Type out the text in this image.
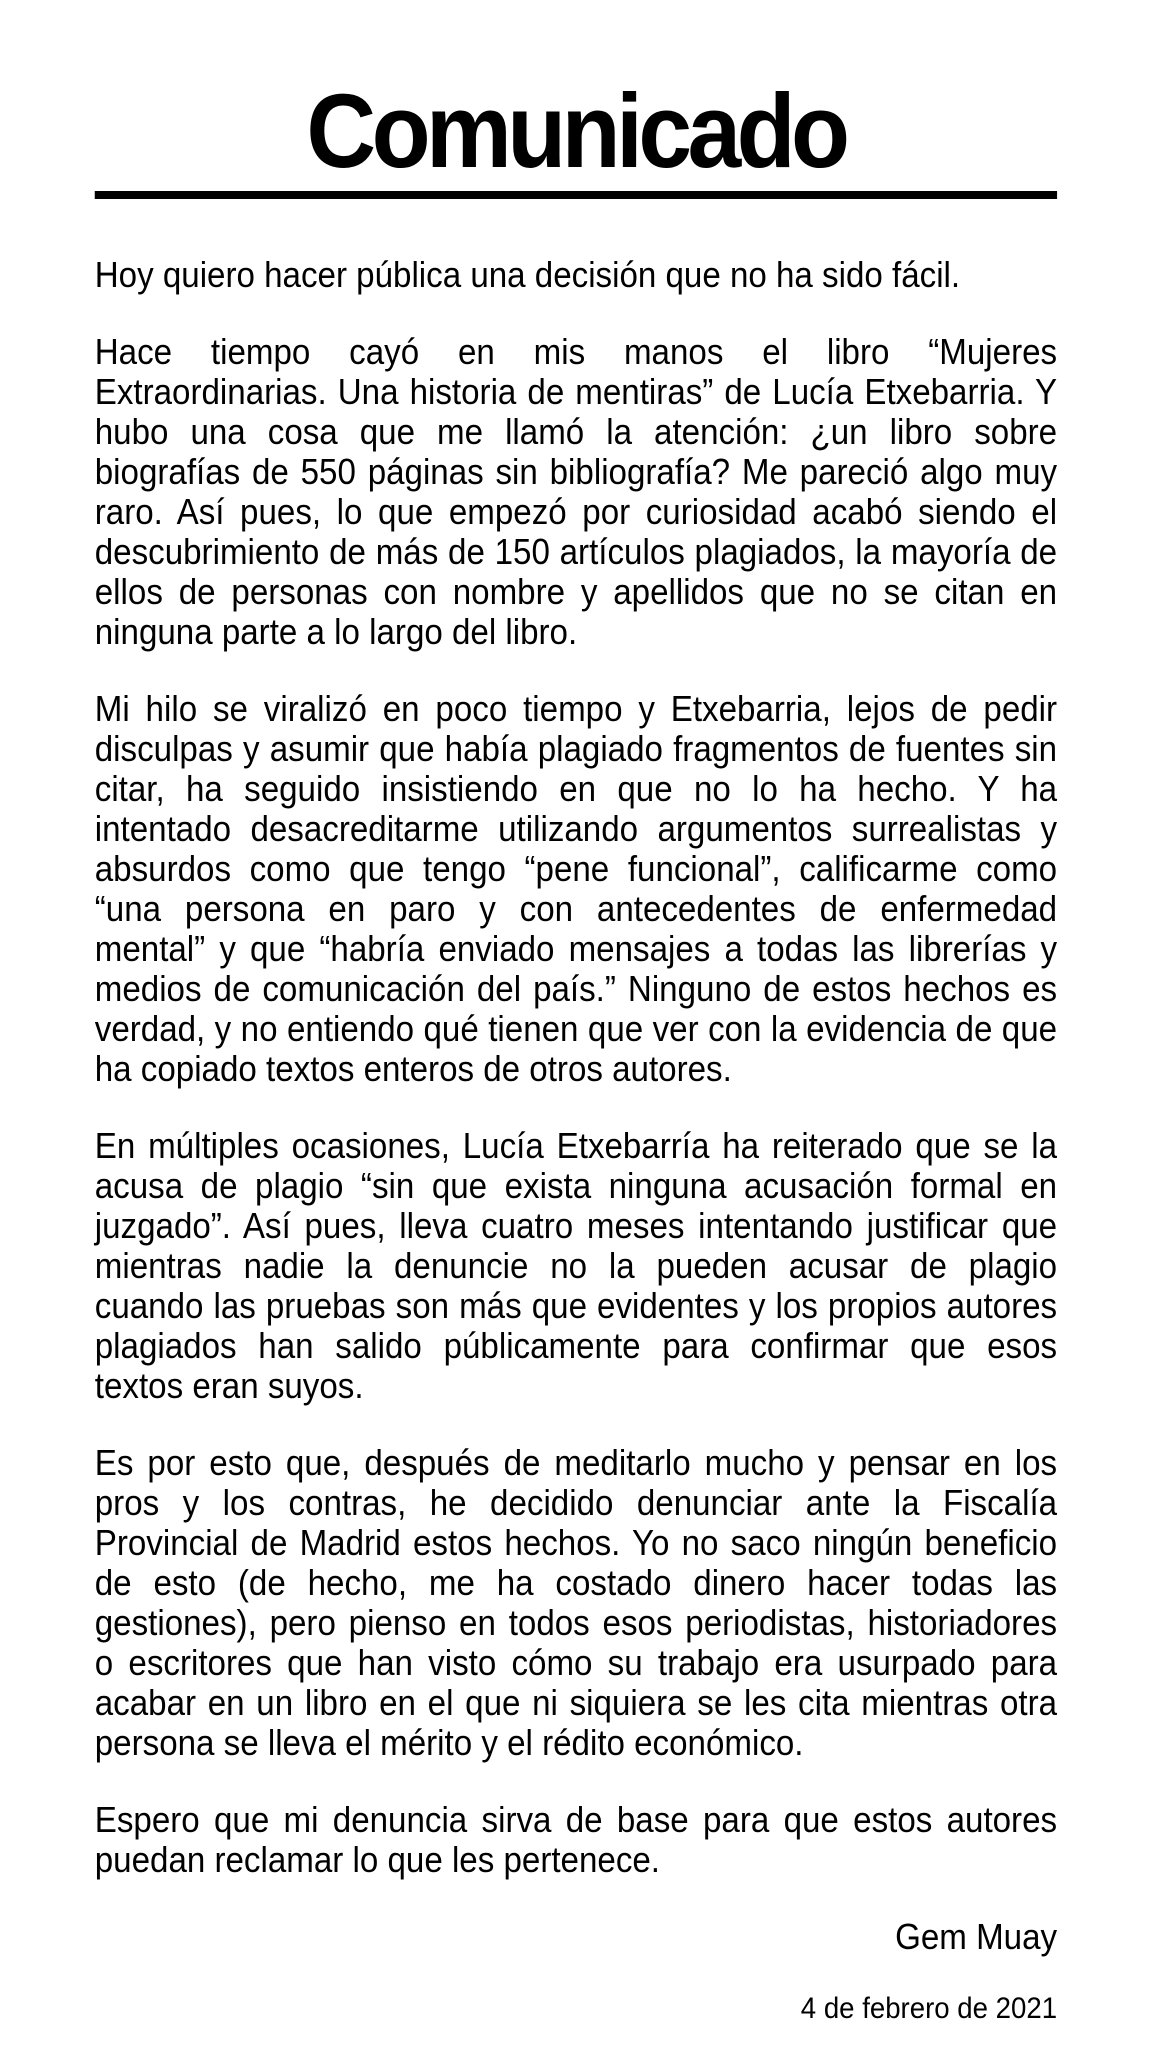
Comunicado

Hoy quiero hacer pública una decisión que no ha sido fácil.

Hace tiempo cayó en mis manos el libro “Mujeres Extraordinarias. Una historia de mentiras” de Lucía Etxebarria. Y hubo una cosa que me llamó la atención: ¿un libro sobre biografías de 550 páginas sin bibliografía? Me pareció algo muy raro. Así pues, lo que empezó por curiosidad acabó siendo el descubrimiento de más de 150 artículos plagiados, la mayoría de ellos de personas con nombre y apellidos que no se citan en ninguna parte a lo largo del libro.

Mi hilo se viralizó en poco tiempo y Etxebarria, lejos de pedir disculpas y asumir que había plagiado fragmentos de fuentes sin citar, ha seguido insistiendo en que no lo ha hecho. Y ha intentado desacreditarme utilizando argumentos surrealistas y absurdos como que tengo “pene funcional”, calificarme como “una persona en paro y con antecedentes de enfermedad mental” y que “habría enviado mensajes a todas las librerías y medios de comunicación del país.” Ninguno de estos hechos es verdad, y no entiendo qué tienen que ver con la evidencia de que ha copiado textos enteros de otros autores.

En múltiples ocasiones, Lucía Etxebarría ha reiterado que se la acusa de plagio “sin que exista ninguna acusación formal en juzgado”. Así pues, lleva cuatro meses intentando justificar que mientras nadie la denuncie no la pueden acusar de plagio cuando las pruebas son más que evidentes y los propios autores plagiados han salido públicamente para confirmar que esos textos eran suyos.

Es por esto que, después de meditarlo mucho y pensar en los pros y los contras, he decidido denunciar ante la Fiscalía Provincial de Madrid estos hechos. Yo no saco ningún beneficio de esto (de hecho, me ha costado dinero hacer todas las gestiones), pero pienso en todos esos periodistas, historiadores o escritores que han visto cómo su trabajo era usurpado para acabar en un libro en el que ni siquiera se les cita mientras otra persona se lleva el mérito y el rédito económico.

Espero que mi denuncia sirva de base para que estos autores puedan reclamar lo que les pertenece.

Gem Muay

4 de febrero de 2021
